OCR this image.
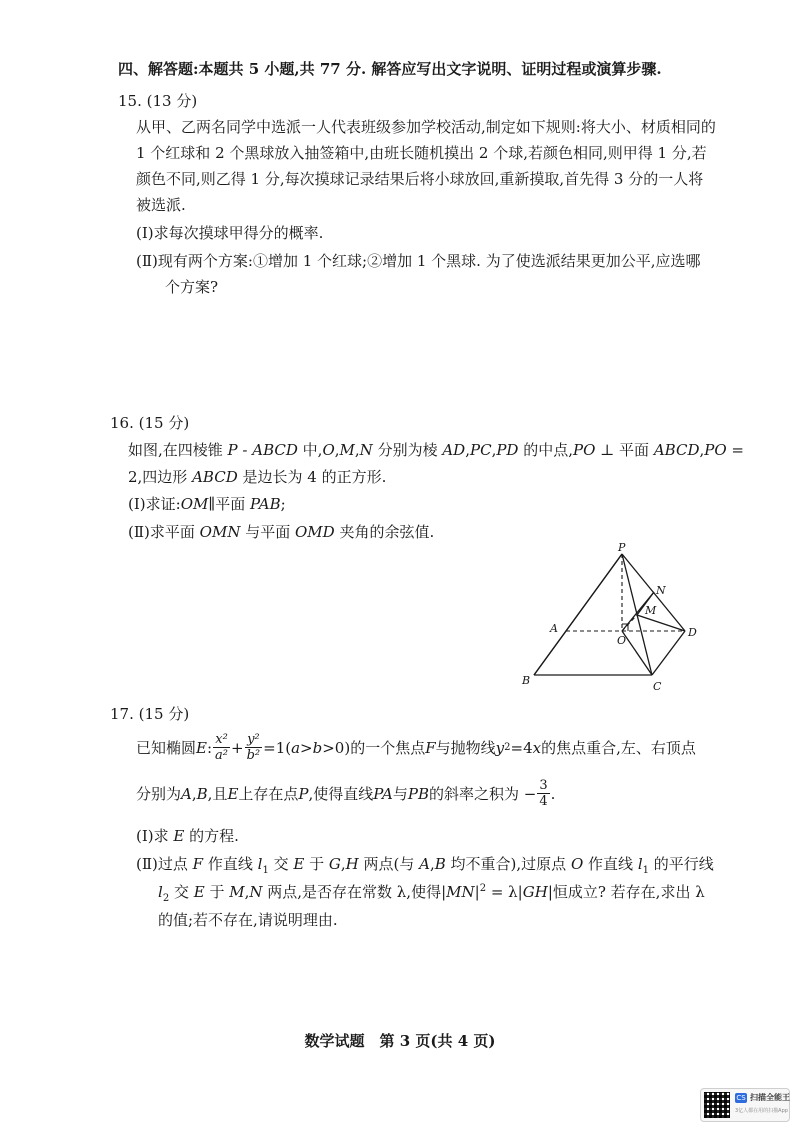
四、解答题:本题共 5 小题,共 77 分. 解答应写出文字说明、证明过程或演算步骤.
15. (13 分)
从甲、乙两名同学中选派一人代表班级参加学校活动,制定如下规则:将大小、材质相同的
1 个红球和 2 个黑球放入抽签箱中,由班长随机摸出 2 个球,若颜色相同,则甲得 1 分,若
颜色不同,则乙得 1 分,每次摸球记录结果后将小球放回,重新摸取,首先得 3 分的一人将
被选派.
(Ⅰ)求每次摸球甲得分的概率.
(Ⅱ)现有两个方案:①增加 1 个红球;②增加 1 个黑球. 为了使选派结果更加公平,应选哪
个方案?
16. (15 分)
如图,在四棱锥 P - ABCD 中,O,M,N 分别为棱 AD,PC,PD 的中点,PO ⊥ 平面 ABCD,PO =
2,四边形 ABCD 是边长为 4 的正方形.
(Ⅰ)求证:OM∥平面 PAB;
(Ⅱ)求平面 OMN 与平面 OMD 夹角的余弦值.
P
N
M
A
O
D
B	C
17. (15 分)
已知椭圆 E : $\frac{\text{x²}}{\text{a²}} + \frac{\text{y²}}{\text{b²}} =1$( a > b >0)的一个焦点 F 与抛物线 y 2 =4 x 的焦点重合,左、右顶点
分别为 A , B ,且 E 上存在点 P ,使得直线 PA 与 PB 的斜率之积为 − $\frac{3}{4}$ .
(Ⅰ)求 E 的方程.
(Ⅱ)过点 F 作直线 $l_1$ 交 E 于 G,H 两点(与 A,B 均不重合),过原点 O 作直线 $l_1$ 的平行线
$l_2$ 交 E 于 M,N 两点,是否存在常数 λ,使得$|MN|^2 = \lambda|GH|$恒成立? 若存在,求出 λ
的值;若不存在,请说明理由.
数学试题　第 3 页(共 4 页)
CS 扫描全能王
3亿人都在用的扫描App
